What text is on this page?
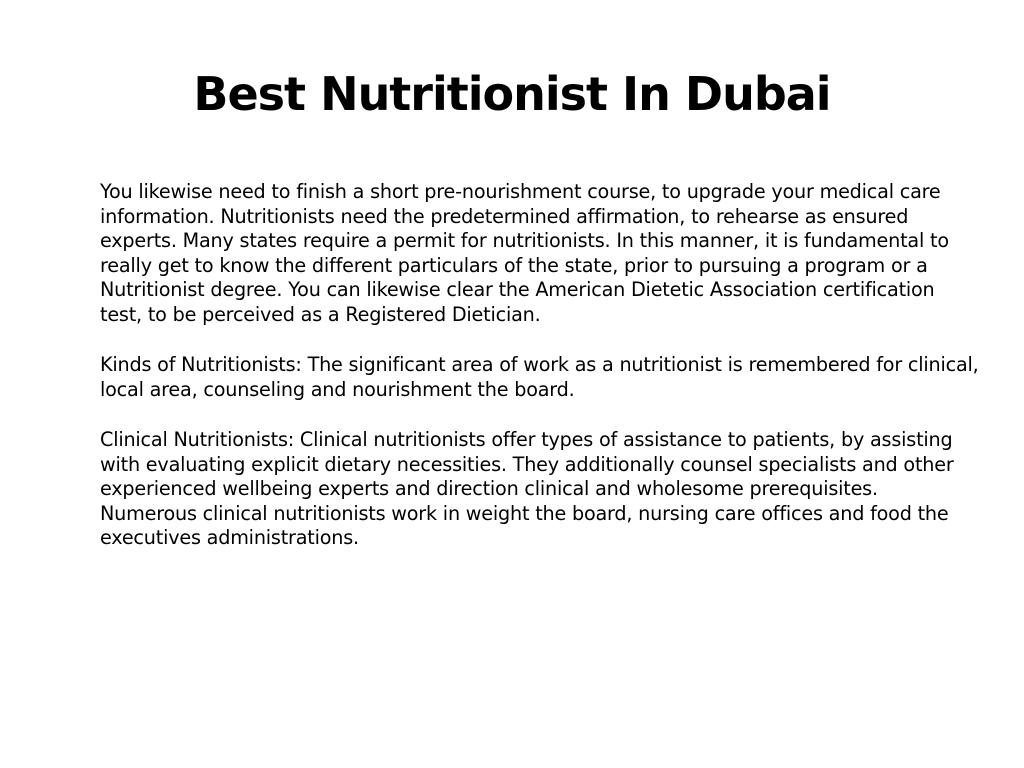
Best Nutritionist In Dubai

You likewise need to finish a short pre-nourishment course, to upgrade your medical care information. Nutritionists need the predetermined affirmation, to rehearse as ensured experts. Many states require a permit for nutritionists. In this manner, it is fundamental to really get to know the different particulars of the state, prior to pursuing a program or a Nutritionist degree. You can likewise clear the American Dietetic Association certification test, to be perceived as a Registered Dietician.

Kinds of Nutritionists: The significant area of work as a nutritionist is remembered for clinical, local area, counseling and nourishment the board.

Clinical Nutritionists: Clinical nutritionists offer types of assistance to patients, by assisting with evaluating explicit dietary necessities. They additionally counsel specialists and other experienced wellbeing experts and direction clinical and wholesome prerequisites. Numerous clinical nutritionists work in weight the board, nursing care offices and food the executives administrations.
